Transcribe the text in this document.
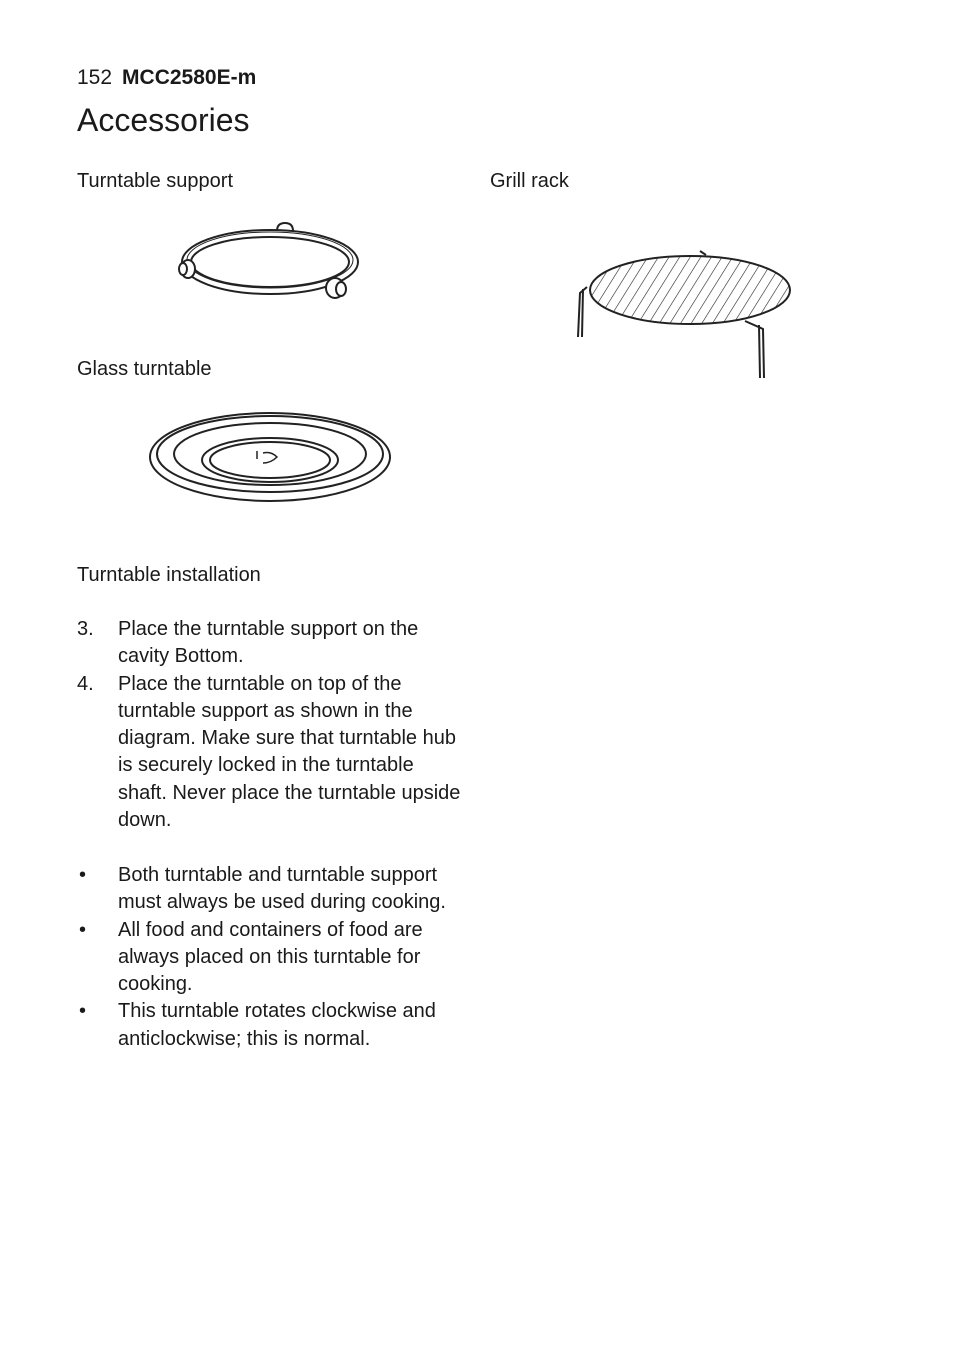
152 MCC2580E-m
Accessories
Turntable support	Grill rack
Glass turntable
Turntable installation
3. Place the turntable support on the cavity Bottom.
4. Place the turntable on top of the turntable support as shown in the diagram. Make sure that turntable hub is securely locked in the turntable shaft. Never place the turntable upside down.
• Both turntable and turntable support must always be used during cooking.
• All food and containers of food are always placed on this turntable for cooking.
• This turntable rotates clockwise and anticlockwise; this is normal.
